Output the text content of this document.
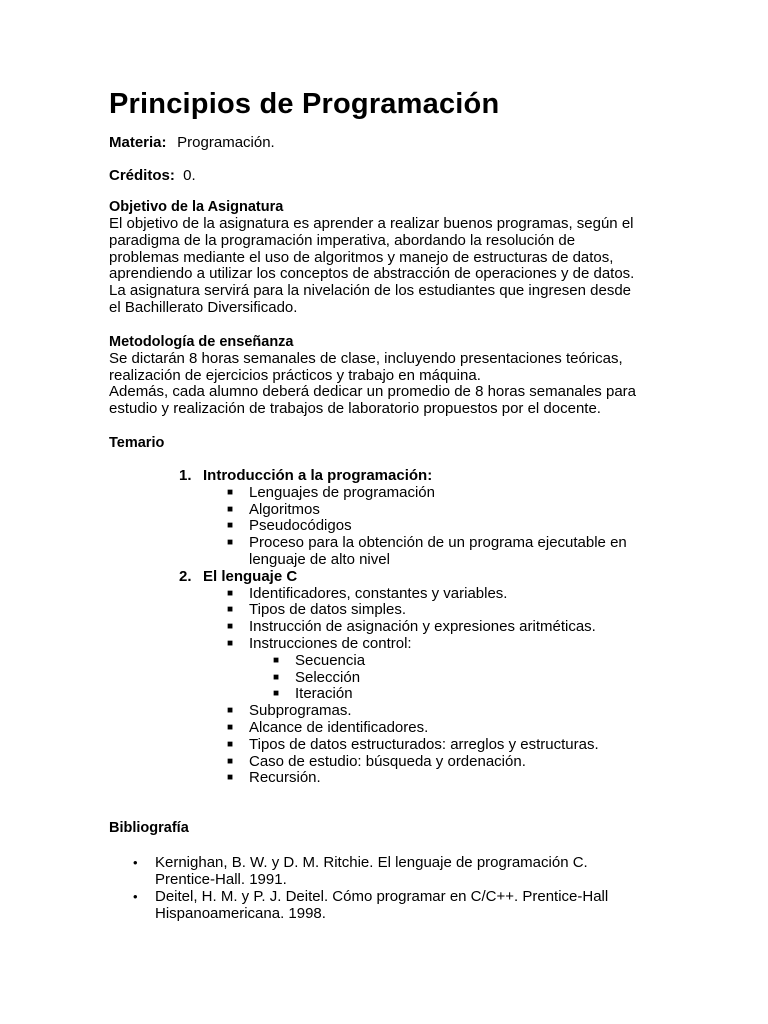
Principios de Programación
Materia: Programación.
Créditos: 0.
Objetivo de la Asignatura
El objetivo de la asignatura es aprender a realizar buenos programas, según el
paradigma de la programación imperativa, abordando la resolución de
problemas mediante el uso de algoritmos y manejo de estructuras de datos,
aprendiendo a utilizar los conceptos de abstracción de operaciones y de datos.
La asignatura servirá para la nivelación de los estudiantes que ingresen desde
el Bachillerato Diversificado.
Metodología de enseñanza
Se dictarán 8 horas semanales de clase, incluyendo presentaciones teóricas,
realización de ejercicios prácticos y trabajo en máquina.
Además, cada alumno deberá dedicar un promedio de 8 horas semanales para
estudio y realización de trabajos de laboratorio propuestos por el docente.
Temario
1. Introducción a la programación:
■ Lenguajes de programación
■ Algoritmos
■ Pseudocódigos
■ Proceso para la obtención de un programa ejecutable en
lenguaje de alto nivel
2. El lenguaje C
■ Identificadores, constantes y variables.
■ Tipos de datos simples.
■ Instrucción de asignación y expresiones aritméticas.
■ Instrucciones de control:
■ Secuencia
■ Selección
■ Iteración
■ Subprogramas.
■ Alcance de identificadores.
■ Tipos de datos estructurados: arreglos y estructuras.
■ Caso de estudio: búsqueda y ordenación.
■ Recursión.
Bibliografía
• Kernighan, B. W. y D. M. Ritchie. El lenguaje de programación C.
Prentice-Hall. 1991.
• Deitel, H. M. y P. J. Deitel. Cómo programar en C/C++. Prentice-Hall
Hispanoamericana. 1998.
